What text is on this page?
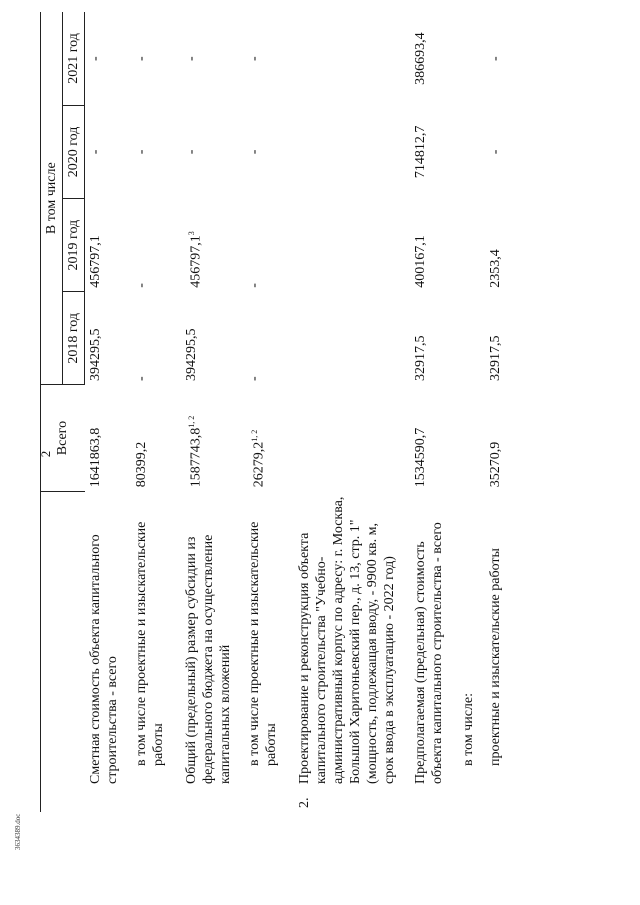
2
3634389.doc
		Всего	В том числе			
			2018 год	2019 год	2020 год	2021 год
	Сметная стоимость объекта капитального строительства - всего	1641863,8	394295,5	456797,1	-	-
	в том числе проектные и изыскательские работы	80399,2	-	-	-	-
	Общий (предельный) размер субсидии из федерального бюджета на осуществление капитальных вложений	1587743,8$^{1, 2}$	394295,5	456797,1$^3$	-	-
	в том числе проектные и изыскательские работы	26279,2$^{1, 2}$	-	-	-	-
2.	Проектирование и реконструкция объекта капитального строительства "Учебно-административный корпус по адресу: г. Москва, Большой Харитоньевский пер., д. 13, стр. 1" (мощность, подлежащая вводу, - 9900 кв. м, срок ввода в эксплуатацию - 2022 год)					
	Предполагаемая (предельная) стоимость объекта капитального строительства - всего	1534590,7	32917,5	400167,1	714812,7	386693,4
	в том числе:					
	проектные и изыскательские работы	35270,9	32917,5	2353,4	-	-
